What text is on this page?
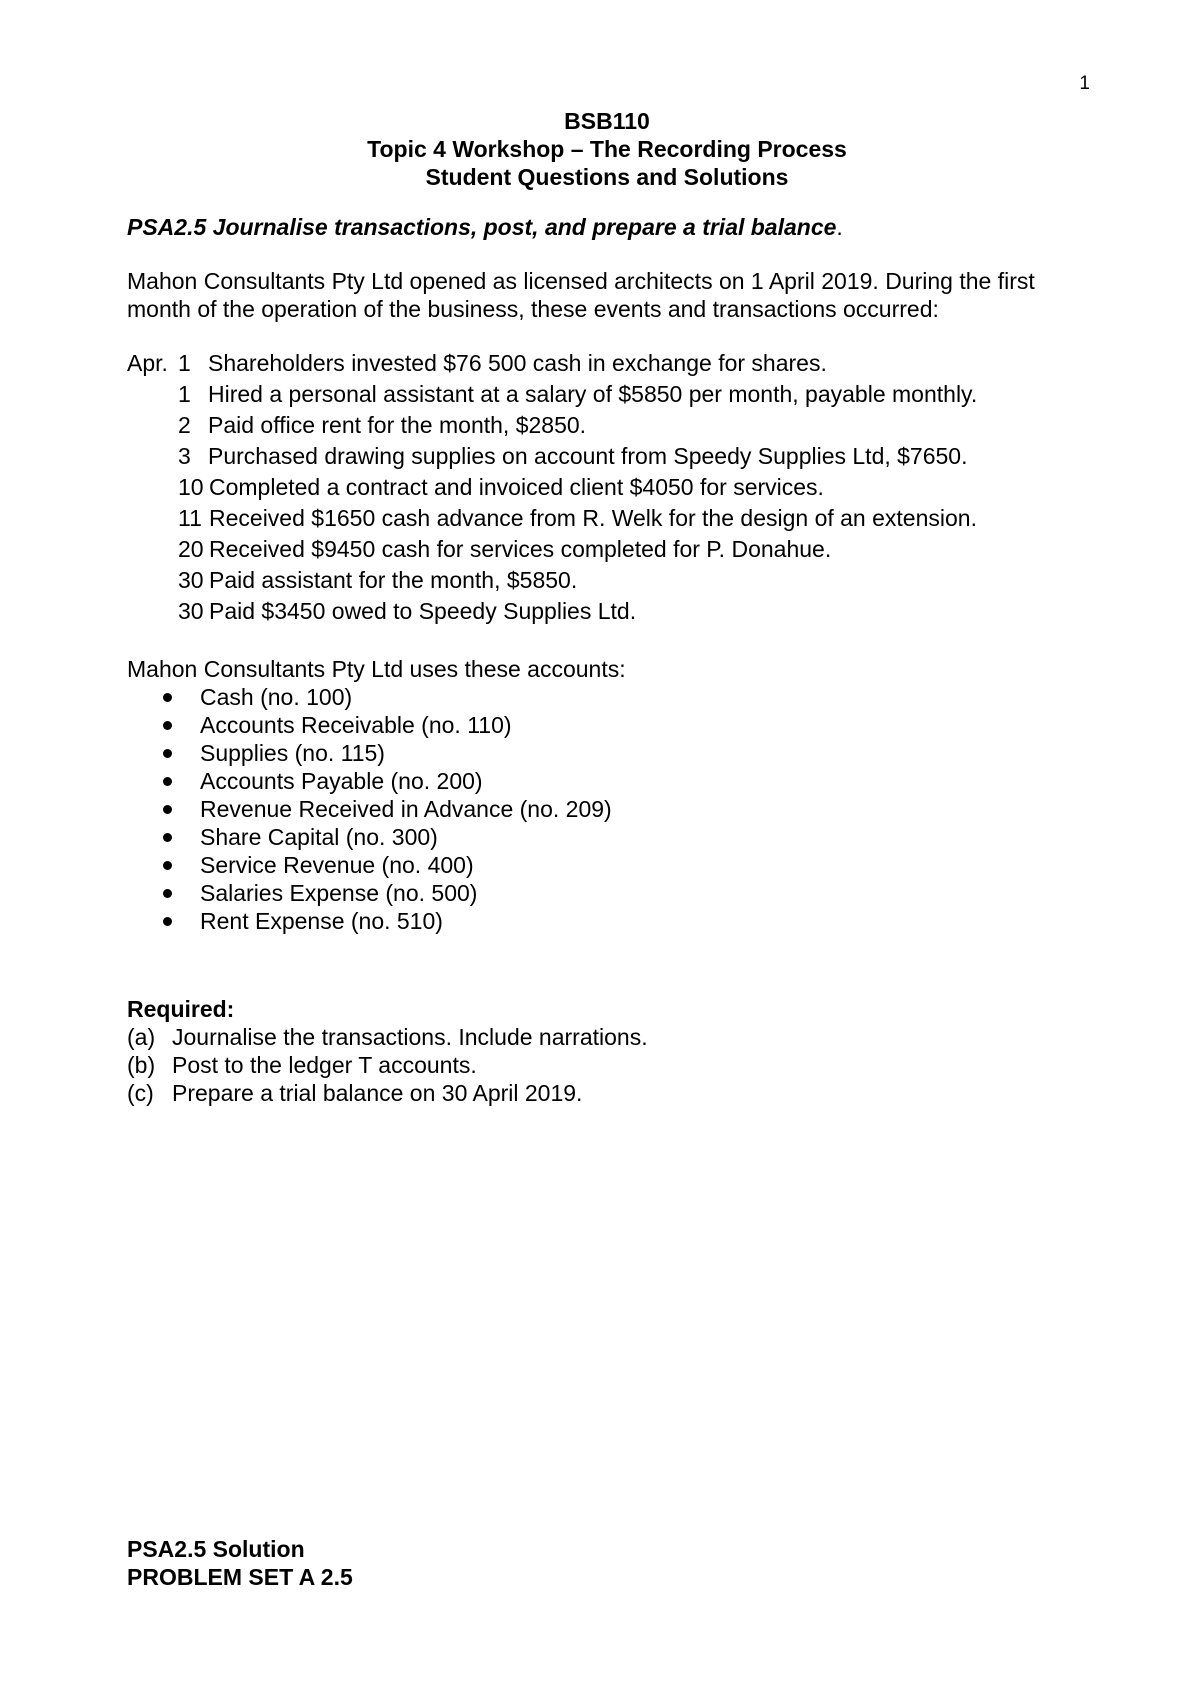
1
BSB110
Topic 4 Workshop – The Recording Process
Student Questions and Solutions
PSA2.5 Journalise transactions, post, and prepare a trial balance.
Mahon Consultants Pty Ltd opened as licensed architects on 1 April 2019. During the first month of the operation of the business, these events and transactions occurred:
Apr. 1 Shareholders invested $76 500 cash in exchange for shares.
1 Hired a personal assistant at a salary of $5850 per month, payable monthly.
2 Paid office rent for the month, $2850.
3 Purchased drawing supplies on account from Speedy Supplies Ltd, $7650.
10 Completed a contract and invoiced client $4050 for services.
11 Received $1650 cash advance from R. Welk for the design of an extension.
20 Received $9450 cash for services completed for P. Donahue.
30 Paid assistant for the month, $5850.
30 Paid $3450 owed to Speedy Supplies Ltd.
Mahon Consultants Pty Ltd uses these accounts:
Cash (no. 100)
Accounts Receivable (no. 110)
Supplies (no. 115)
Accounts Payable (no. 200)
Revenue Received in Advance (no. 209)
Share Capital (no. 300)
Service Revenue (no. 400)
Salaries Expense (no. 500)
Rent Expense (no. 510)
Required:
(a) Journalise the transactions. Include narrations.
(b) Post to the ledger T accounts.
(c) Prepare a trial balance on 30 April 2019.
PSA2.5 Solution
PROBLEM SET A 2.5
